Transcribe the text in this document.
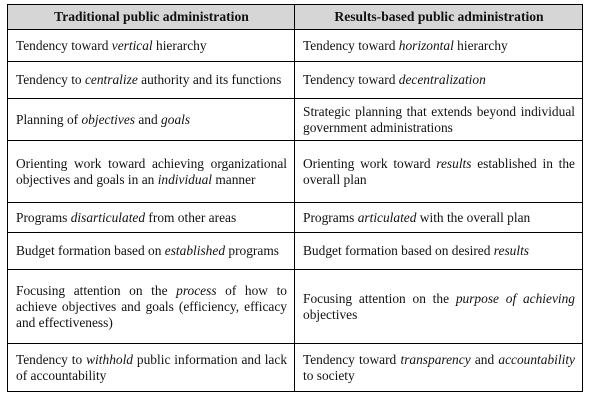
Traditional public administration	Results-based public administration
Tendency toward vertical hierarchy	Tendency toward horizontal hierarchy
Tendency to centralize authority and its functions	Tendency toward decentralization
Planning of objectives and goals	Strategic planning that extends beyond individual government administrations
Orienting work toward achieving organizational objectives and goals in an individual manner	Orienting work toward results established in the overall plan
Programs disarticulated from other areas	Programs articulated with the overall plan
Budget formation based on established programs	Budget formation based on desired results
Focusing attention on the process of how to achieve objectives and goals (efficiency, efficacy and effectiveness)	Focusing attention on the purpose of achieving objectives
Tendency to withhold public information and lack of accountability	Tendency toward transparency and accountability to society
